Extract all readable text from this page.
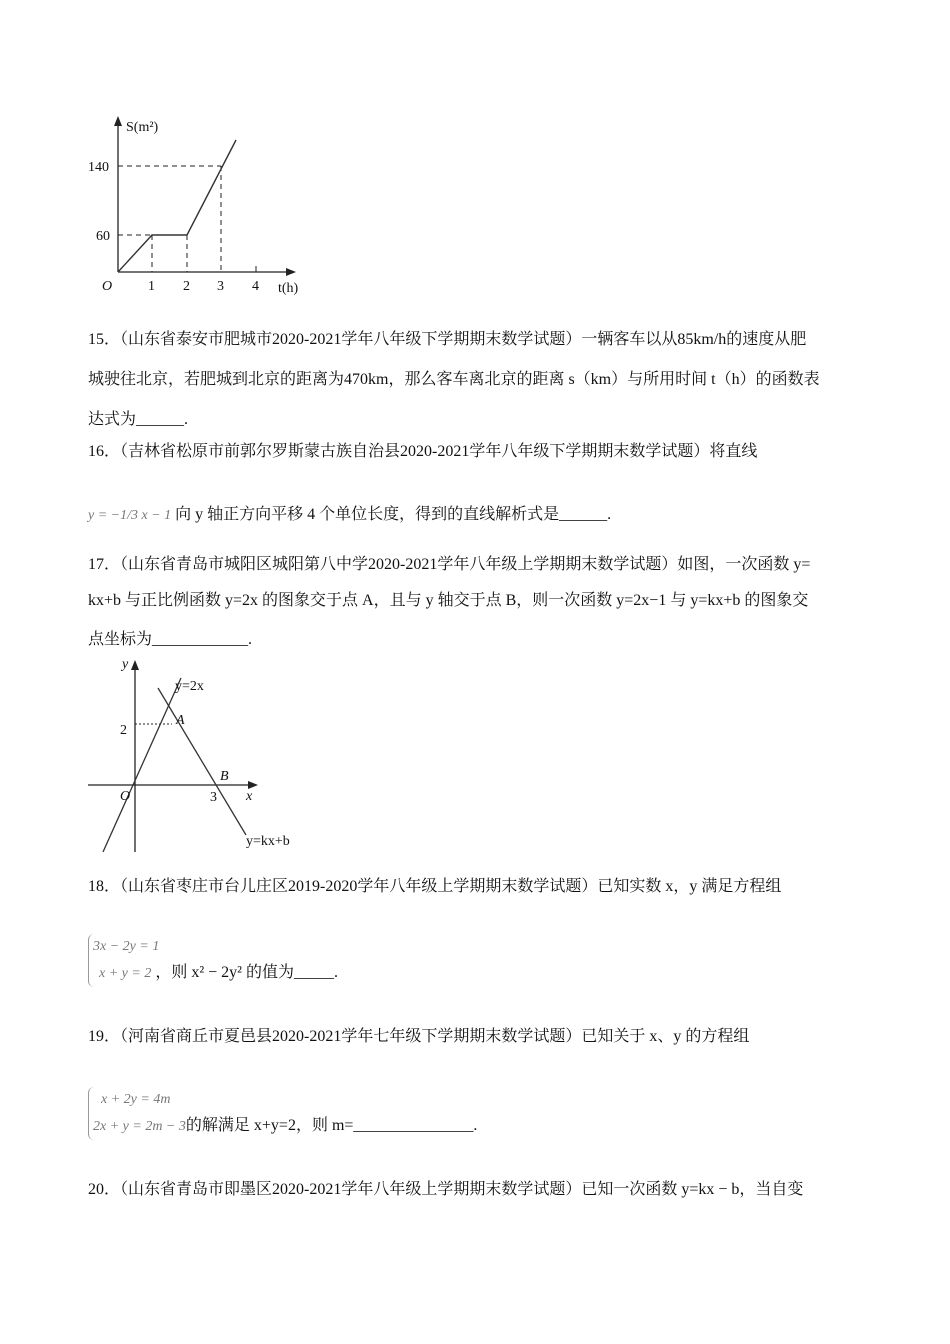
S(m²)
t(h)
O	1 2 3 4
60
140
15．（山东省泰安市肥城市2020-2021学年八年级下学期期末数学试题）一辆客车以从85km/h的速度从肥
城驶往北京，若肥城到北京的距离为470km，那么客车离北京的距离 s（km）与所用时间 t（h）的函数表
达式为______.
16．（吉林省松原市前郭尔罗斯蒙古族自治县2020-2021学年八年级下学期期末数学试题）将直线
y = −1/3 x − 1 向 y 轴正方向平移 4 个单位长度，得到的直线解析式是______.
17．（山东省青岛市城阳区城阳第八中学2020-2021学年八年级上学期期末数学试题）如图，一次函数 y=
kx+b 与正比例函数 y=2x 的图象交于点 A，且与 y 轴交于点 B，则一次函数 y=2x−1 与 y=kx+b 的图象交
点坐标为____________.
y
x
O
y=2x
y=kx+b
A
B
3
2
18．（山东省枣庄市台儿庄区2019-2020学年八年级上学期期末数学试题）已知实数 x，y 满足方程组
3x − 2y = 1
x + y = 2 ，则 x² − 2y² 的值为_____.
19．（河南省商丘市夏邑县2020-2021学年七年级下学期期末数学试题）已知关于 x、y 的方程组
x + 2y = 4m
2x + y = 2m − 3的解满足 x+y=2，则 m=_______________.
20．（山东省青岛市即墨区2020-2021学年八年级上学期期末数学试题）已知一次函数 y=kx − b，当自变
